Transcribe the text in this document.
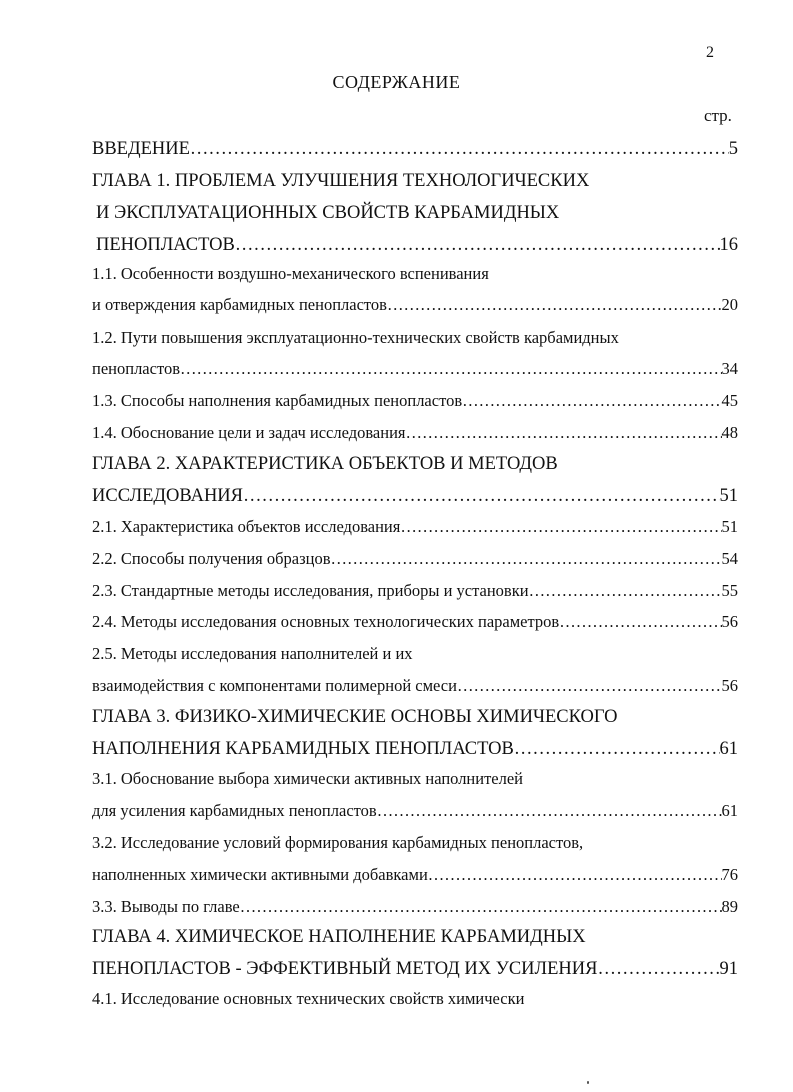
2
СОДЕРЖАНИЕ
стр.
ВВЕДЕНИЕ …………………………………………………………………………………………………………………………………………………………………………………………	5
ГЛАВА 1. ПРОБЛЕМА УЛУЧШЕНИЯ ТЕХНОЛОГИЧЕСКИХ
И ЭКСПЛУАТАЦИОННЫХ СВОЙСТВ КАРБАМИДНЫХ
ПЕНОПЛАСТОВ …………………………………………………………………………………………………………………………………………………………………………………………	16
1.1. Особенности воздушно-механического вспенивания
и отверждения карбамидных пенопластов …………………………………………………………………………………………………………………………………………………………………………………………	20
1.2. Пути повышения эксплуатационно-технических свойств карбамидных
пенопластов …………………………………………………………………………………………………………………………………………………………………………………………	34
1.3. Способы наполнения карбамидных пенопластов …………………………………………………………………………………………………………………………………………………………………………………………	45
1.4. Обоснование цели и задач исследования …………………………………………………………………………………………………………………………………………………………………………………………	48
ГЛАВА 2. ХАРАКТЕРИСТИКА ОБЪЕКТОВ И МЕТОДОВ
ИССЛЕДОВАНИЯ …………………………………………………………………………………………………………………………………………………………………………………………	51
2.1. Характеристика объектов исследования …………………………………………………………………………………………………………………………………………………………………………………………	51
2.2. Способы получения образцов …………………………………………………………………………………………………………………………………………………………………………………………	54
2.3. Стандартные методы исследования, приборы и установки …………………………………………………………………………………………………………………………………………………………………………………………	55
2.4. Методы исследования основных технологических параметров …………………………………………………………………………………………………………………………………………………………………………………………	56
2.5. Методы исследования наполнителей и их
взаимодействия с компонентами полимерной смеси …………………………………………………………………………………………………………………………………………………………………………………………	56
ГЛАВА 3. ФИЗИКО-ХИМИЧЕСКИЕ ОСНОВЫ ХИМИЧЕСКОГО
НАПОЛНЕНИЯ КАРБАМИДНЫХ ПЕНОПЛАСТОВ …………………………………………………………………………………………………………………………………………………………………………………………	61
3.1. Обоснование выбора химически активных наполнителей
для усиления карбамидных пенопластов …………………………………………………………………………………………………………………………………………………………………………………………	61
3.2. Исследование условий формирования карбамидных пенопластов,
наполненных химически активными добавками …………………………………………………………………………………………………………………………………………………………………………………………	76
3.3. Выводы по главе …………………………………………………………………………………………………………………………………………………………………………………………	89
ГЛАВА 4. ХИМИЧЕСКОЕ НАПОЛНЕНИЕ КАРБАМИДНЫХ
ПЕНОПЛАСТОВ - ЭФФЕКТИВНЫЙ МЕТОД ИХ УСИЛЕНИЯ …………………………………………………………………………………………………………………………………………………………………………………………	91
4.1. Исследование основных технических свойств химически
